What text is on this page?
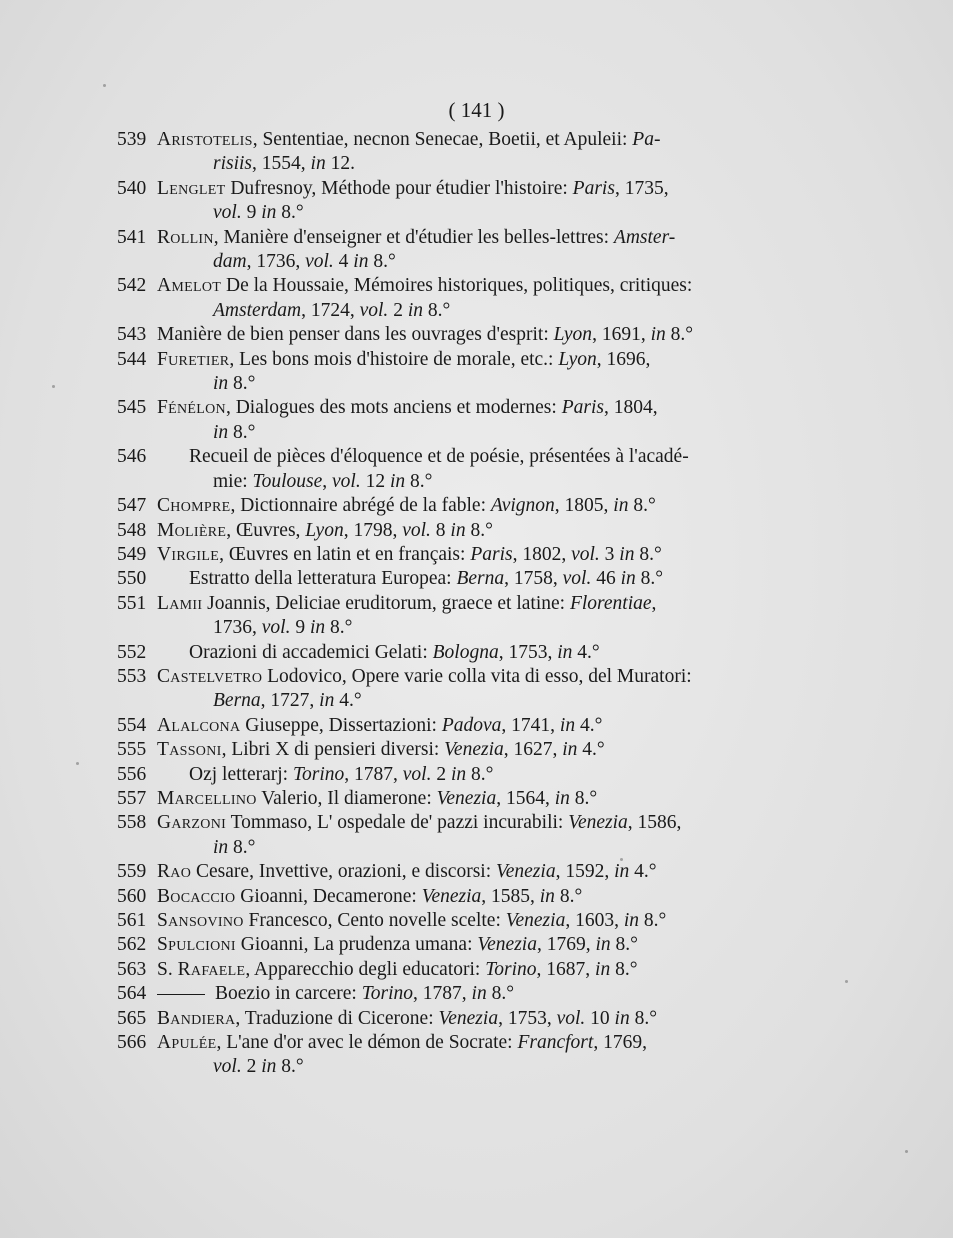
( 141 )
539 Aristotelis, Sententiae, necnon Senecae, Boetii, et Apuleii: Pa-
risiis, 1554, in 12.
540 Lenglet Dufresnoy, Méthode pour étudier l'histoire: Paris, 1735,
vol. 9 in 8.°
541 Rollin, Manière d'enseigner et d'étudier les belles-lettres: Amster-
dam, 1736, vol. 4 in 8.°
542 Amelot De la Houssaie, Mémoires historiques, politiques, critiques:
Amsterdam, 1724, vol. 2 in 8.°
543 Manière de bien penser dans les ouvrages d'esprit: Lyon, 1691, in 8.°
544 Furetier, Les bons mois d'histoire de morale, etc.: Lyon, 1696,
in 8.°
545 Fénélon, Dialogues des mots anciens et modernes: Paris, 1804,
in 8.°
546	Recueil de pièces d'éloquence et de poésie, présentées à l'acadé-
mie: Toulouse, vol. 12 in 8.°
547 Chompre, Dictionnaire abrégé de la fable: Avignon, 1805, in 8.°
548 Molière, Œuvres, Lyon, 1798, vol. 8 in 8.°
549 Virgile, Œuvres en latin et en français: Paris, 1802, vol. 3 in 8.°
550	Estratto della letteratura Europea: Berna, 1758, vol. 46 in 8.°
551 Lamii Joannis, Deliciae eruditorum, graece et latine: Florentiae,
1736, vol. 9 in 8.°
552	Orazioni di accademici Gelati: Bologna, 1753, in 4.°
553 Castelvetro Lodovico, Opere varie colla vita di esso, del Muratori:
Berna, 1727, in 4.°
554 Alalcona Giuseppe, Dissertazioni: Padova, 1741, in 4.°
555 Tassoni, Libri X di pensieri diversi: Venezia, 1627, in 4.°
556	Ozj letterarj: Torino, 1787, vol. 2 in 8.°
557 Marcellino Valerio, Il diamerone: Venezia, 1564, in 8.°
558 Garzoni Tommaso, L' ospedale de' pazzi incurabili: Venezia, 1586,
in 8.°
559 Rao Cesare, Invettive, orazioni, e discorsi: Venezia, 1592, in 4.°
560 Bocaccio Gioanni, Decamerone: Venezia, 1585, in 8.°
561 Sansovino Francesco, Cento novelle scelte: Venezia, 1603, in 8.°
562 Spulcioni Gioanni, La prudenza umana: Venezia, 1769, in 8.°
563 S. Rafaele, Apparecchio degli educatori: Torino, 1687, in 8.°
564	Boezio in carcere: Torino, 1787, in 8.°
565 Bandiera, Traduzione di Cicerone: Venezia, 1753, vol. 10 in 8.°
566 Apulée, L'ane d'or avec le démon de Socrate: Francfort, 1769,
vol. 2 in 8.°
